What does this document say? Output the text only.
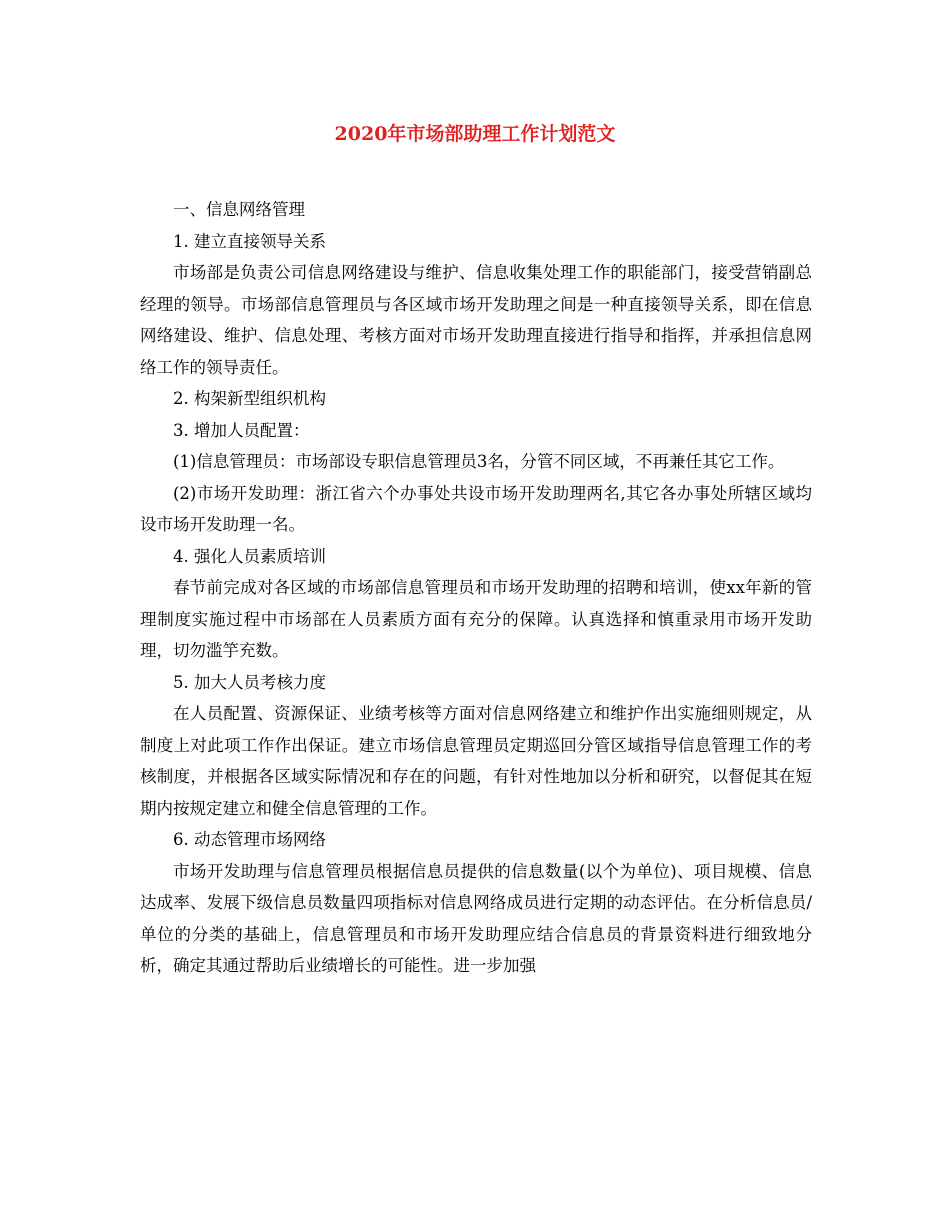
2020年市场部助理工作计划范文

一、信息网络管理

1. 建立直接领导关系

市场部是负责公司信息网络建设与维护、信息收集处理工作的职能部门，接受营销副总经理的领导。市场部信息管理员与各区域市场开发助理之间是一种直接领导关系，即在信息网络建设、维护、信息处理、考核方面对市场开发助理直接进行指导和指挥，并承担信息网络工作的领导责任。

2. 构架新型组织机构

3. 增加人员配置：

(1)信息管理员：市场部设专职信息管理员3名，分管不同区域，不再兼任其它工作。

(2)市场开发助理：浙江省六个办事处共设市场开发助理两名,其它各办事处所辖区域均设市场开发助理一名。

4. 强化人员素质培训

春节前完成对各区域的市场部信息管理员和市场开发助理的招聘和培训，使xx年新的管理制度实施过程中市场部在人员素质方面有充分的保障。认真选择和慎重录用市场开发助理，切勿滥竽充数。

5. 加大人员考核力度

在人员配置、资源保证、业绩考核等方面对信息网络建立和维护作出实施细则规定，从制度上对此项工作作出保证。建立市场信息管理员定期巡回分管区域指导信息管理工作的考核制度，并根据各区域实际情况和存在的问题，有针对性地加以分析和研究，以督促其在短期内按规定建立和健全信息管理的工作。

6. 动态管理市场网络

市场开发助理与信息管理员根据信息员提供的信息数量(以个为单位)、项目规模、信息达成率、发展下级信息员数量四项指标对信息网络成员进行定期的动态评估。在分析信息员/单位的分类的基础上，信息管理员和市场开发助理应结合信息员的背景资料进行细致地分析，确定其通过帮助后业绩增长的可能性。进一步加强
